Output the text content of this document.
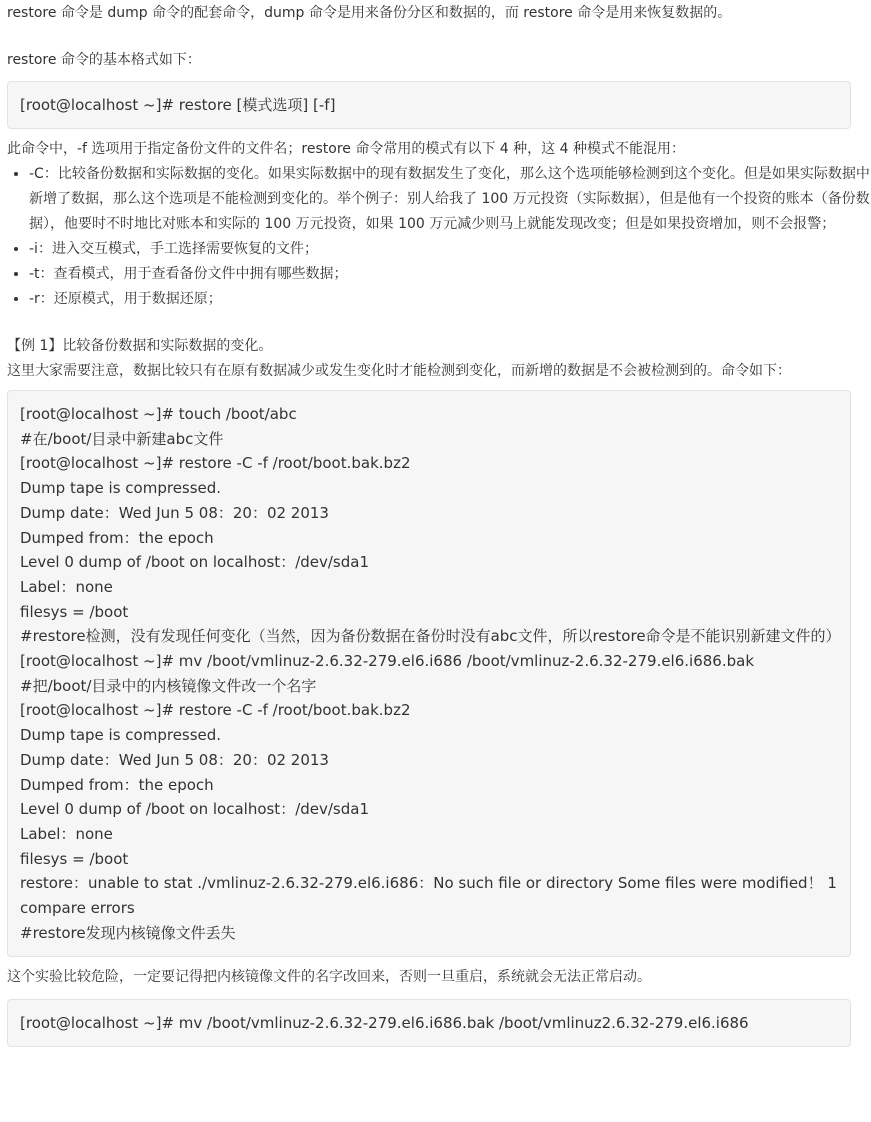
restore 命令是 dump 命令的配套命令，dump 命令是用来备份分区和数据的，而 restore 命令是用来恢复数据的。

restore 命令的基本格式如下：

[root@localhost ~]# restore [模式选项] [-f]

此命令中，-f 选项用于指定备份文件的文件名；restore 命令常用的模式有以下 4 种，这 4 种模式不能混用：

• -C：比较备份数据和实际数据的变化。如果实际数据中的现有数据发生了变化，那么这个选项能够检测到这个变化。但是如果实际数据中新增了数据，那么这个选项是不能检测到变化的。举个例子：别人给我了 100 万元投资（实际数据），但是他有一个投资的账本（备份数据），他要时不时地比对账本和实际的 100 万元投资，如果 100 万元减少则马上就能发现改变；但是如果投资增加，则不会报警；
• -i：进入交互模式，手工选择需要恢复的文件；
• -t：查看模式，用于查看备份文件中拥有哪些数据；
• -r：还原模式，用于数据还原；

【例 1】比较备份数据和实际数据的变化。

这里大家需要注意，数据比较只有在原有数据减少或发生变化时才能检测到变化，而新增的数据是不会被检测到的。命令如下：

[root@localhost ~]# touch /boot/abc
#在/boot/目录中新建abc文件
[root@localhost ~]# restore -C -f /root/boot.bak.bz2
Dump tape is compressed.
Dump date：Wed Jun 5 08：20：02 2013
Dumped from：the epoch
Level 0 dump of /boot on localhost：/dev/sda1
Label：none
filesys = /boot
#restore检测，没有发现任何变化（当然，因为备份数据在备份时没有abc文件，所以restore命令是不能识别新建文件的）
[root@localhost ~]# mv /boot/vmlinuz-2.6.32-279.el6.i686 /boot/vmlinuz-2.6.32-279.el6.i686.bak
#把/boot/目录中的内核镜像文件改一个名字
[root@localhost ~]# restore -C -f /root/boot.bak.bz2
Dump tape is compressed.
Dump date：Wed Jun 5 08：20：02 2013
Dumped from：the epoch
Level 0 dump of /boot on localhost：/dev/sda1
Label：none
filesys = /boot
restore：unable to stat ./vmlinuz-2.6.32-279.el6.i686：No such file or directory Some files were modified！ 1 compare errors
#restore发现内核镜像文件丢失

这个实验比较危险，一定要记得把内核镜像文件的名字改回来，否则一旦重启，系统就会无法正常启动。

[root@localhost ~]# mv /boot/vmlinuz-2.6.32-279.el6.i686.bak /boot/vmlinuz2.6.32-279.el6.i686
